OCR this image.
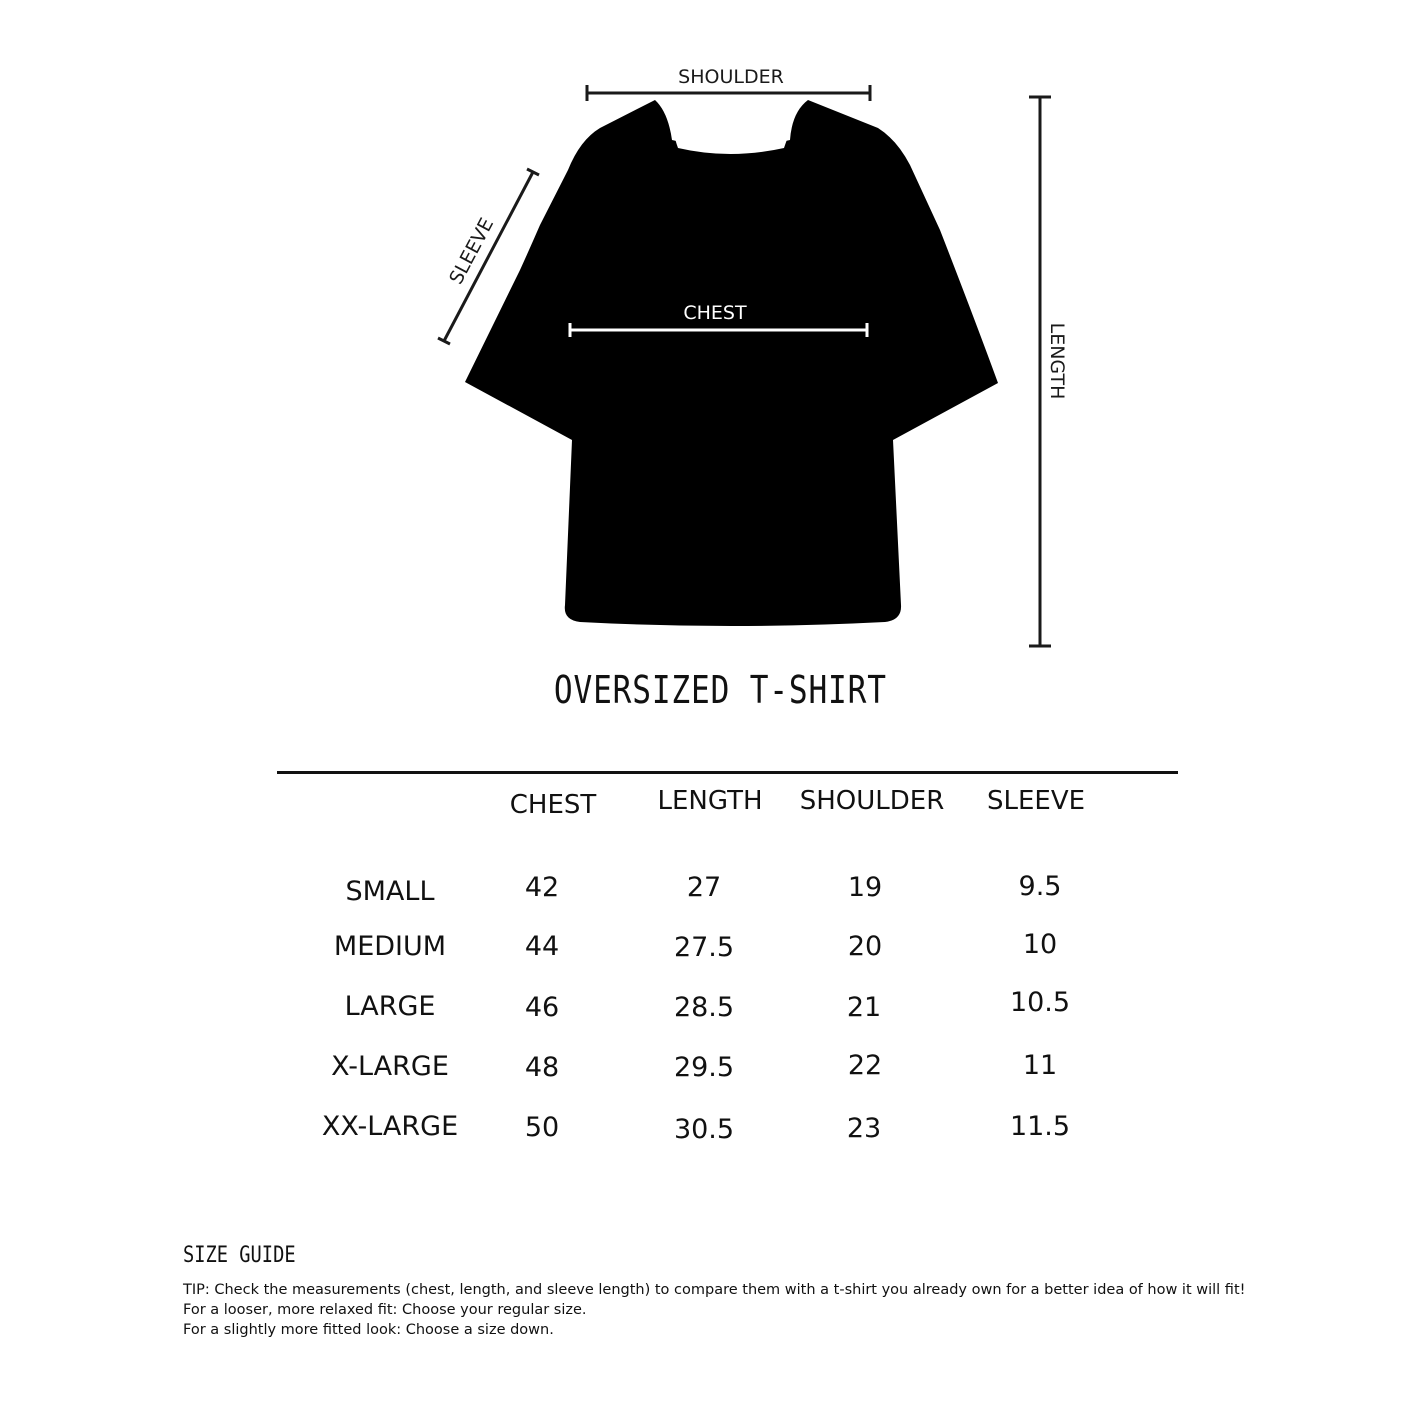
SHOULDER
SLEEVE
CHEST
LENGTH
OVERSIZED T-SHIRT
CHEST	LENGTH	SHOULDER	SLEEVE
SMALL	42	27	19	9.5
MEDIUM	44	27.5	20	10
LARGE	46	28.5	21	10.5
X-LARGE	48	29.5	22	11
XX-LARGE	50	30.5	23	11.5
SIZE GUIDE
TIP: Check the measurements (chest, length, and sleeve length) to compare them with a t-shirt you already own for a better idea of how it will fit!
For a looser, more relaxed fit: Choose your regular size.
For a slightly more fitted look: Choose a size down.
